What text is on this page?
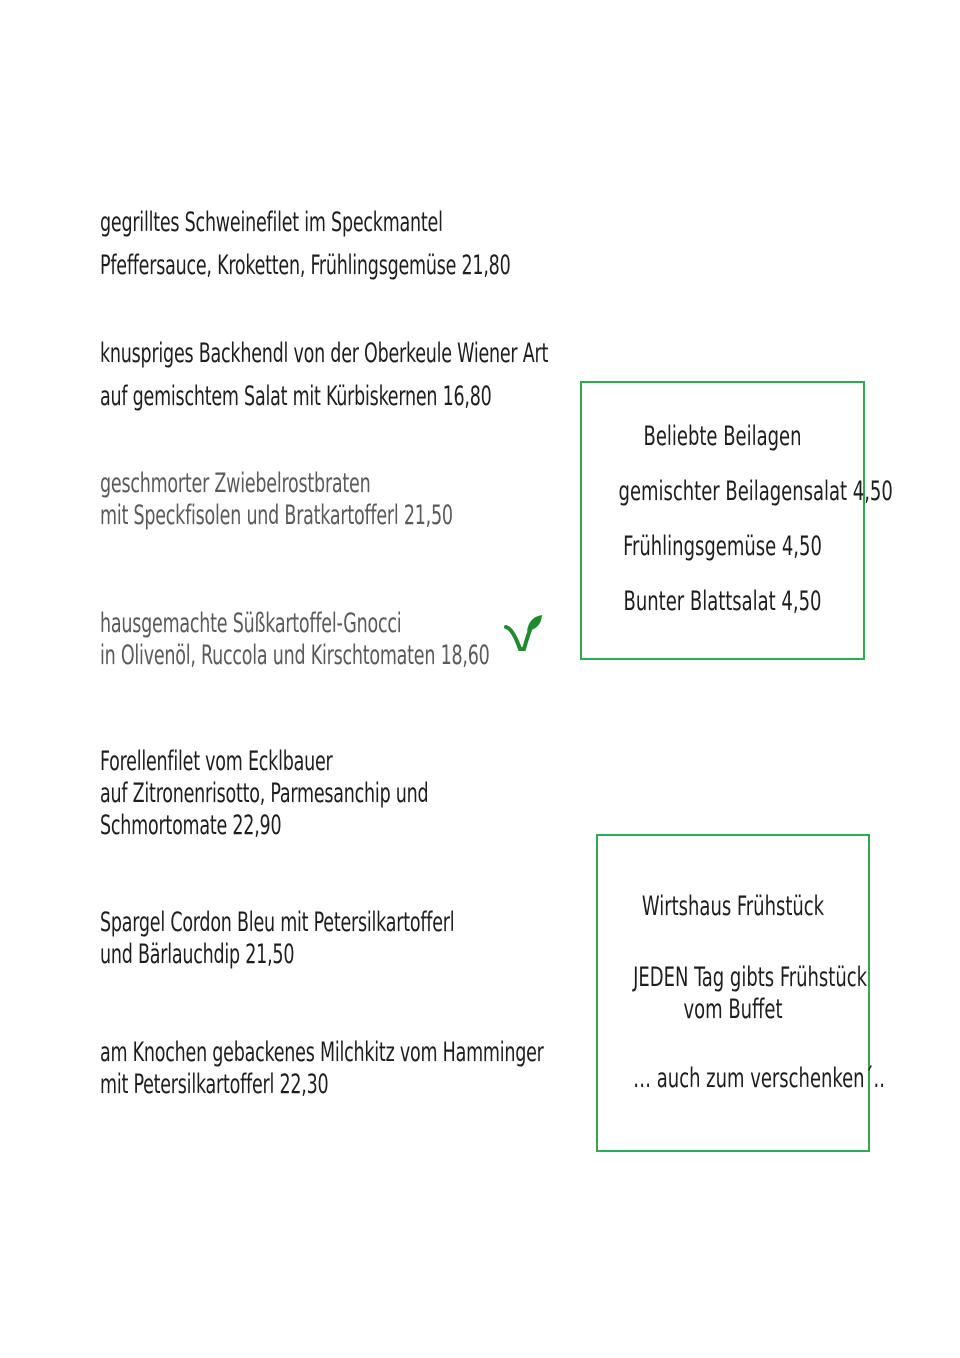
gegrilltes Schweinefilet im Speckmantel
Pfeffersauce, Kroketten, Frühlingsgemüse 21,80
knuspriges Backhendl von der Oberkeule Wiener Art
auf gemischtem Salat mit Kürbiskernen 16,80
geschmorter Zwiebelrostbraten
mit Speckfisolen und Bratkartofferl 21,50
hausgemachte Süßkartoffel-Gnocci
in Olivenöl, Ruccola und Kirschtomaten 18,60
Forellenfilet vom Ecklbauer
auf Zitronenrisotto, Parmesanchip und
Schmortomate 22,90
Spargel Cordon Bleu mit Petersilkartofferl
und Bärlauchdip 21,50
am Knochen gebackenes Milchkitz vom Hamminger
mit Petersilkartofferl 22,30
Beliebte Beilagen
gemischter Beilagensalat 4,50
Frühlingsgemüse 4,50
Bunter Blattsalat 4,50
Wirtshaus Frühstück
JEDEN Tag gibts Frühstück
vom Buffet
… auch zum verschenken´..
